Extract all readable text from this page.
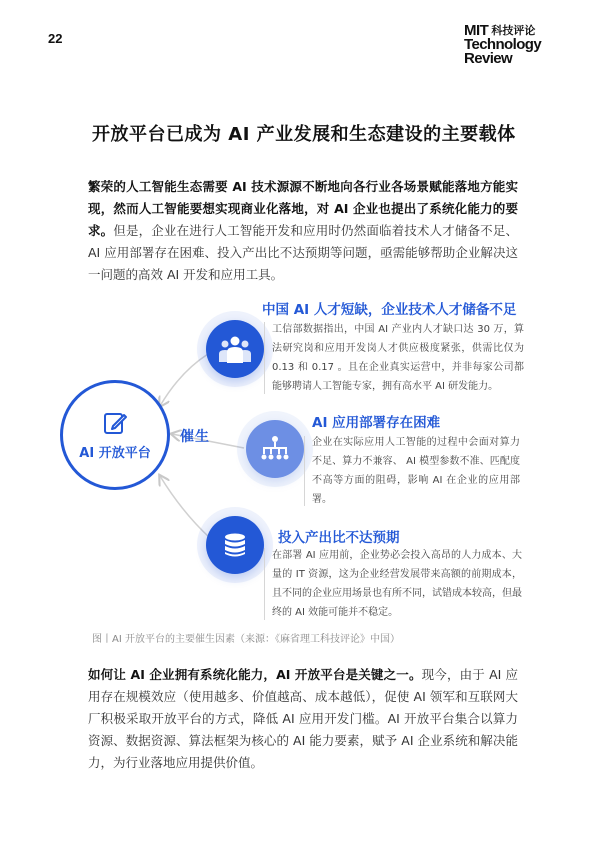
22	MIT 科技评论
Technology
Review
开放平台已成为 AI 产业发展和生态建设的主要载体
繁荣的人工智能生态需要 AI 技术源源不断地向各行业各场景赋能落地方能实现，然而人工智能要想实现商业化落地，对 AI 企业也提出了系统化能力的要求。但是，企业在进行人工智能开发和应用时仍然面临着技术人才储备不足、 AI 应用部署存在困难、投入产出比不达预期等问题，亟需能够帮助企业解决这一问题的高效 AI 开发和应用工具。
AI 开放平台
催生
中国 AI 人才短缺，企业技术人才储备不足
工信部数据指出，中国 AI 产业内人才缺口达 30 万，算法研究岗和应用开发岗人才供应极度紧张，供需比仅为 0.13 和 0.17 。且在企业真实运营中，并非每家公司都能够聘请人工智能专家，拥有高水平 AI 研发能力。
AI 应用部署存在困难
企业在实际应用人工智能的过程中会面对算力不足、算力不兼容、 AI 模型参数不准、匹配度不高等方面的阻碍，影响 AI 在企业的应用部署。
投入产出比不达预期
在部署 AI 应用前，企业势必会投入高昂的人力成本、大量的 IT 资源，这为企业经营发展带来高额的前期成本，且不同的企业应用场景也有所不同，试错成本较高，但最终的 AI 效能可能并不稳定。
图丨AI 开放平台的主要催生因素（来源：《麻省理工科技评论》中国）
如何让 AI 企业拥有系统化能力，AI 开放平台是关键之一。现今，由于 AI 应用存在规模效应（使用越多、价值越高、成本越低），促使 AI 领军和互联网大厂积极采取开放平台的方式，降低 AI 应用开发门槛。AI 开放平台集合以算力资源、数据资源、算法框架为核心的 AI 能力要素，赋予 AI 企业系统和解决能力，为行业落地应用提供价值。
